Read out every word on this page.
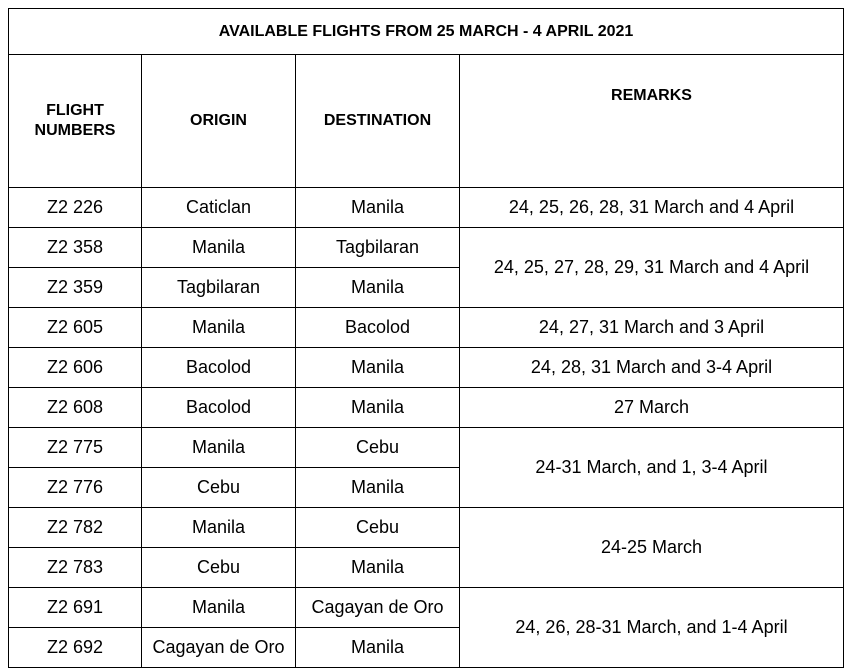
AVAILABLE FLIGHTS FROM 25 MARCH - 4 APRIL 2021			

FLIGHT
NUMBERS	ORIGIN	DESTINATION	REMARKS
Z2 226	Caticlan	Manila	24, 25, 26, 28, 31 March and 4 April
Z2 358	Manila	Tagbilaran	24, 25, 27, 28, 29, 31 March and 4 April
Z2 359	Tagbilaran	Manila	
Z2 605	Manila	Bacolod	24, 27, 31 March and 3 April
Z2 606	Bacolod	Manila	24, 28, 31 March and 3-4 April
Z2 608	Bacolod	Manila	27 March
Z2 775	Manila	Cebu	24-31 March, and 1, 3-4 April
Z2 776	Cebu	Manila	
Z2 782	Manila	Cebu	24-25 March
Z2 783	Cebu	Manila	
Z2 691	Manila	Cagayan de Oro	24, 26, 28-31 March, and 1-4 April
Z2 692	Cagayan de Oro	Manila	
